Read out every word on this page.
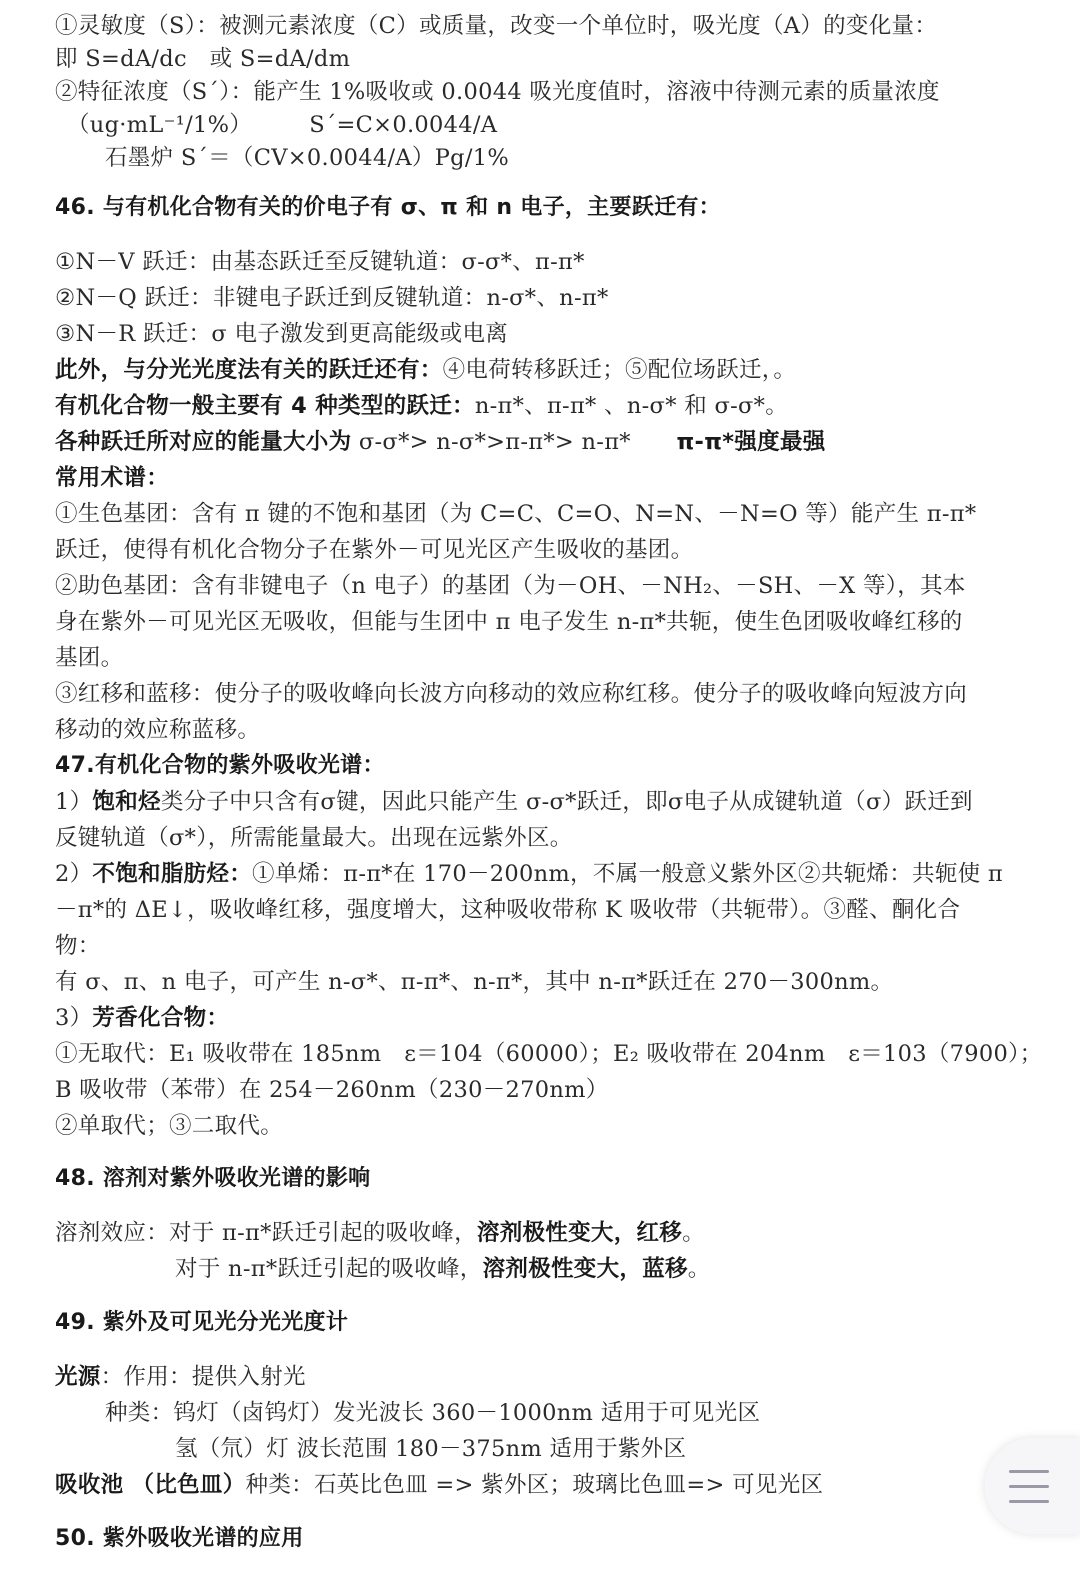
①灵敏度（S）：被测元素浓度（C）或质量，改变一个单位时，吸光度（A）的变化量：
即 S=dA/dc　或 S=dA/dm
②特征浓度（S´）：能产生 1%吸收或 0.0044 吸光度值时，溶液中待测元素的质量浓度
（ug·mL⁻¹/1%）　　　S´=C×0.0044/A
石墨炉 S´＝（CV×0.0044/A）Pg/1%
46. 与有机化合物有关的价电子有 σ、π 和 n 电子，主要跃迁有：
①N－V 跃迁：由基态跃迁至反键轨道：σ-σ*、π-π*
②N－Q 跃迁：非键电子跃迁到反键轨道：n-σ*、n-π*
③N－R 跃迁：σ 电子激发到更高能级或电离
此外，与分光光度法有关的跃迁还有：④电荷转移跃迁；⑤配位场跃迁，。
有机化合物一般主要有 4 种类型的跃迁：n-π*、π-π* 、n-σ* 和 σ-σ*。
各种跃迁所对应的能量大小为 σ-σ*> n-σ*>π-π*> n-π*　　π-π*强度最强
常用术谱：
①生色基团：含有 π 键的不饱和基团（为 C=C、C=O、N=N、－N=O 等）能产生 π-π*
跃迁，使得有机化合物分子在紫外－可见光区产生吸收的基团。
②助色基团：含有非键电子（n 电子）的基团（为－OH、－NH₂、－SH、－X 等），其本
身在紫外－可见光区无吸收，但能与生团中 π 电子发生 n-π*共轭，使生色团吸收峰红移的
基团。
③红移和蓝移：使分子的吸收峰向长波方向移动的效应称红移。使分子的吸收峰向短波方向
移动的效应称蓝移。
47.有机化合物的紫外吸收光谱：
1）饱和烃类分子中只含有σ键，因此只能产生 σ-σ*跃迁，即σ电子从成键轨道（σ）跃迁到
反键轨道（σ*），所需能量最大。出现在远紫外区。
2）不饱和脂肪烃：①单烯：π-π*在 170－200nm，不属一般意义紫外区②共轭烯：共轭使 π
－π*的 ΔE↓，吸收峰红移，强度增大，这种吸收带称 K 吸收带（共轭带）。③醛、酮化合
物：
有 σ、π、n 电子，可产生 n-σ*、π-π*、n-π*，其中 n-π*跃迁在 270－300nm。
3）芳香化合物：
①无取代：E₁ 吸收带在 185nm　ε＝104（60000）；E₂ 吸收带在 204nm　ε＝103（7900）；
B 吸收带（苯带）在 254－260nm（230－270nm）
②单取代；③二取代。
48. 溶剂对紫外吸收光谱的影响
溶剂效应：对于 π-π*跃迁引起的吸收峰，溶剂极性变大，红移。
对于 n-π*跃迁引起的吸收峰，溶剂极性变大，蓝移。
49. 紫外及可见光分光光度计
光源：作用：提供入射光
种类：钨灯（卤钨灯）发光波长 360－1000nm 适用于可见光区
氢（氘）灯 波长范围 180－375nm 适用于紫外区
吸收池 （比色皿）种类：石英比色皿 => 紫外区；玻璃比色皿=> 可见光区
50. 紫外吸收光谱的应用
